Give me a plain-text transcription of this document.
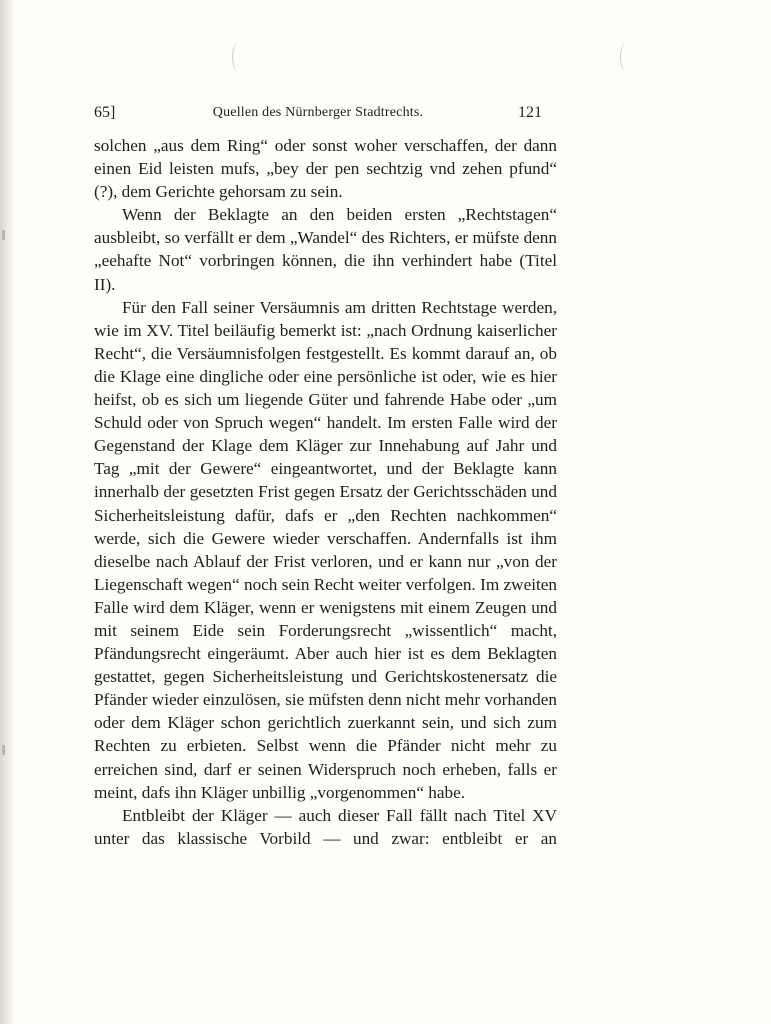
65]	Quellen des Nürnberger Stadtrechts.	121

solchen „aus dem Ring“ oder sonst woher verschaffen, der dann einen Eid leisten mufs, „bey der pen sechtzig vnd zehen pfund“ (?), dem Gerichte gehorsam zu sein.

Wenn der Beklagte an den beiden ersten „Rechtstagen“ ausbleibt, so verfällt er dem „Wandel“ des Richters, er müfste denn „eehafte Not“ vorbringen können, die ihn verhindert habe (Titel II).

Für den Fall seiner Versäumnis am dritten Rechtstage werden, wie im XV. Titel beiläufig bemerkt ist: „nach Ordnung kaiserlicher Recht“, die Versäumnisfolgen festgestellt. Es kommt darauf an, ob die Klage eine dingliche oder eine persönliche ist oder, wie es hier heifst, ob es sich um liegende Güter und fahrende Habe oder „um Schuld oder von Spruch wegen“ handelt. Im ersten Falle wird der Gegenstand der Klage dem Kläger zur Innehabung auf Jahr und Tag „mit der Gewere“ eingeantwortet, und der Beklagte kann innerhalb der gesetzten Frist gegen Ersatz der Gerichtsschäden und Sicherheitsleistung dafür, dafs er „den Rechten nachkommen“ werde, sich die Gewere wieder verschaffen. Andernfalls ist ihm dieselbe nach Ablauf der Frist verloren, und er kann nur „von der Liegenschaft wegen“ noch sein Recht weiter verfolgen. Im zweiten Falle wird dem Kläger, wenn er wenigstens mit einem Zeugen und mit seinem Eide sein Forderungsrecht „wissentlich“ macht, Pfändungsrecht eingeräumt. Aber auch hier ist es dem Beklagten gestattet, gegen Sicherheitsleistung und Gerichtskostenersatz die Pfänder wieder einzulösen, sie müfsten denn nicht mehr vorhanden oder dem Kläger schon gerichtlich zuerkannt sein, und sich zum Rechten zu erbieten. Selbst wenn die Pfänder nicht mehr zu erreichen sind, darf er seinen Widerspruch noch erheben, falls er meint, dafs ihn Kläger unbillig „vorgenommen“ habe.

Entbleibt der Kläger — auch dieser Fall fällt nach Titel XV unter das klassische Vorbild — und zwar: entbleibt er an
